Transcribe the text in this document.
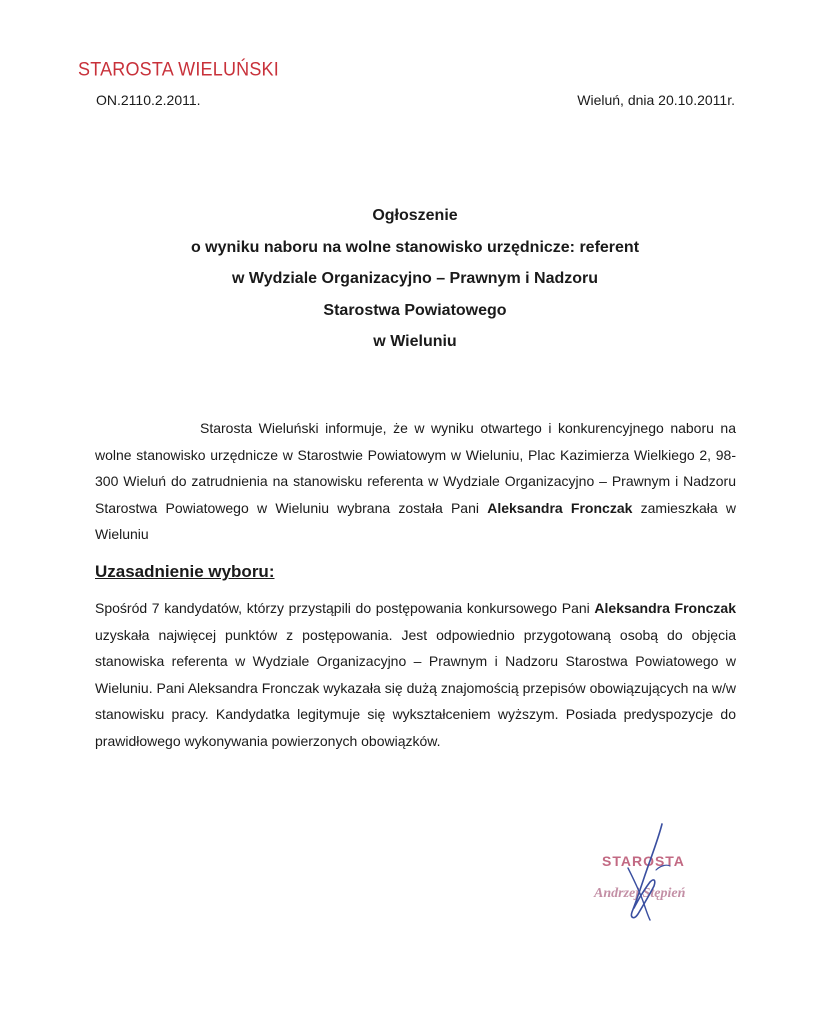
STAROSTA WIELUŃSKI
ON.2110.2.2011.	Wieluń, dnia 20.10.2011r.
Ogłoszenie
o wyniku naboru na wolne stanowisko urzędnicze: referent
w Wydziale Organizacyjno – Prawnym i Nadzoru
Starostwa Powiatowego
w Wieluniu
Starosta Wieluński informuje, że w wyniku otwartego i konkurencyjnego naboru na wolne stanowisko urzędnicze w Starostwie Powiatowym w Wieluniu, Plac Kazimierza Wielkiego 2, 98-300 Wieluń do zatrudnienia na stanowisku referenta w Wydziale Organizacyjno – Prawnym i Nadzoru Starostwa Powiatowego w Wieluniu wybrana została Pani Aleksandra Fronczak zamieszkała w Wieluniu
Uzasadnienie wyboru:
Spośród 7 kandydatów, którzy przystąpili do postępowania konkursowego Pani Aleksandra Fronczak uzyskała najwięcej punktów z postępowania. Jest odpowiednio przygotowaną osobą do objęcia stanowiska referenta w Wydziale Organizacyjno – Prawnym i Nadzoru Starostwa Powiatowego w Wieluniu. Pani Aleksandra Fronczak wykazała się dużą znajomością przepisów obowiązujących na w/w stanowisku pracy. Kandydatka legitymuje się wykształceniem wyższym. Posiada predyspozycje do prawidłowego wykonywania powierzonych obowiązków.
STAROSTA
Andrzej Stępień
